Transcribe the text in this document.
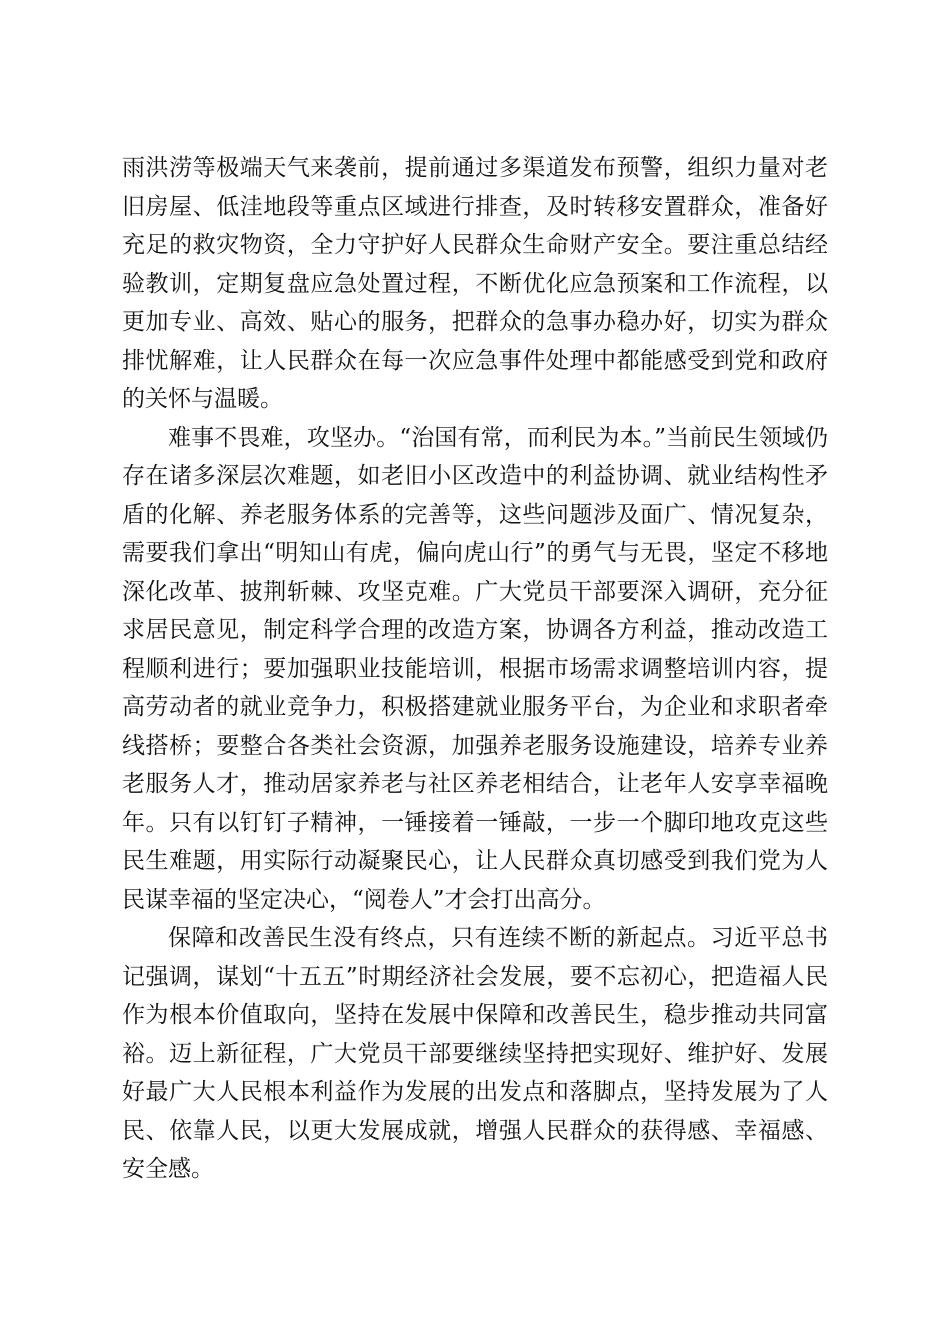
雨洪涝等极端天气来袭前，提前通过多渠道发布预警，组织力量对老旧房屋、低洼地段等重点区域进行排查，及时转移安置群众，准备好充足的救灾物资，全力守护好人民群众生命财产安全。要注重总结经验教训，定期复盘应急处置过程，不断优化应急预案和工作流程，以更加专业、高效、贴心的服务，把群众的急事办稳办好，切实为群众排忧解难，让人民群众在每一次应急事件处理中都能感受到党和政府的关怀与温暖。

难事不畏难，攻坚办。“治国有常，而利民为本。”当前民生领域仍存在诸多深层次难题，如老旧小区改造中的利益协调、就业结构性矛盾的化解、养老服务体系的完善等，这些问题涉及面广、情况复杂，需要我们拿出“明知山有虎，偏向虎山行”的勇气与无畏，坚定不移地深化改革、披荆斩棘、攻坚克难。广大党员干部要深入调研，充分征求居民意见，制定科学合理的改造方案，协调各方利益，推动改造工程顺利进行；要加强职业技能培训，根据市场需求调整培训内容，提高劳动者的就业竞争力，积极搭建就业服务平台，为企业和求职者牵线搭桥；要整合各类社会资源，加强养老服务设施建设，培养专业养老服务人才，推动居家养老与社区养老相结合，让老年人安享幸福晚年。只有以钉钉子精神，一锤接着一锤敲，一步一个脚印地攻克这些民生难题，用实际行动凝聚民心，让人民群众真切感受到我们党为人民谋幸福的坚定决心，“阅卷人”才会打出高分。

保障和改善民生没有终点，只有连续不断的新起点。习近平总书记强调，谋划“十五五”时期经济社会发展，要不忘初心，把造福人民作为根本价值取向，坚持在发展中保障和改善民生，稳步推动共同富裕。迈上新征程，广大党员干部要继续坚持把实现好、维护好、发展好最广大人民根本利益作为发展的出发点和落脚点，坚持发展为了人民、依靠人民，以更大发展成就，增强人民群众的获得感、幸福感、安全感。
